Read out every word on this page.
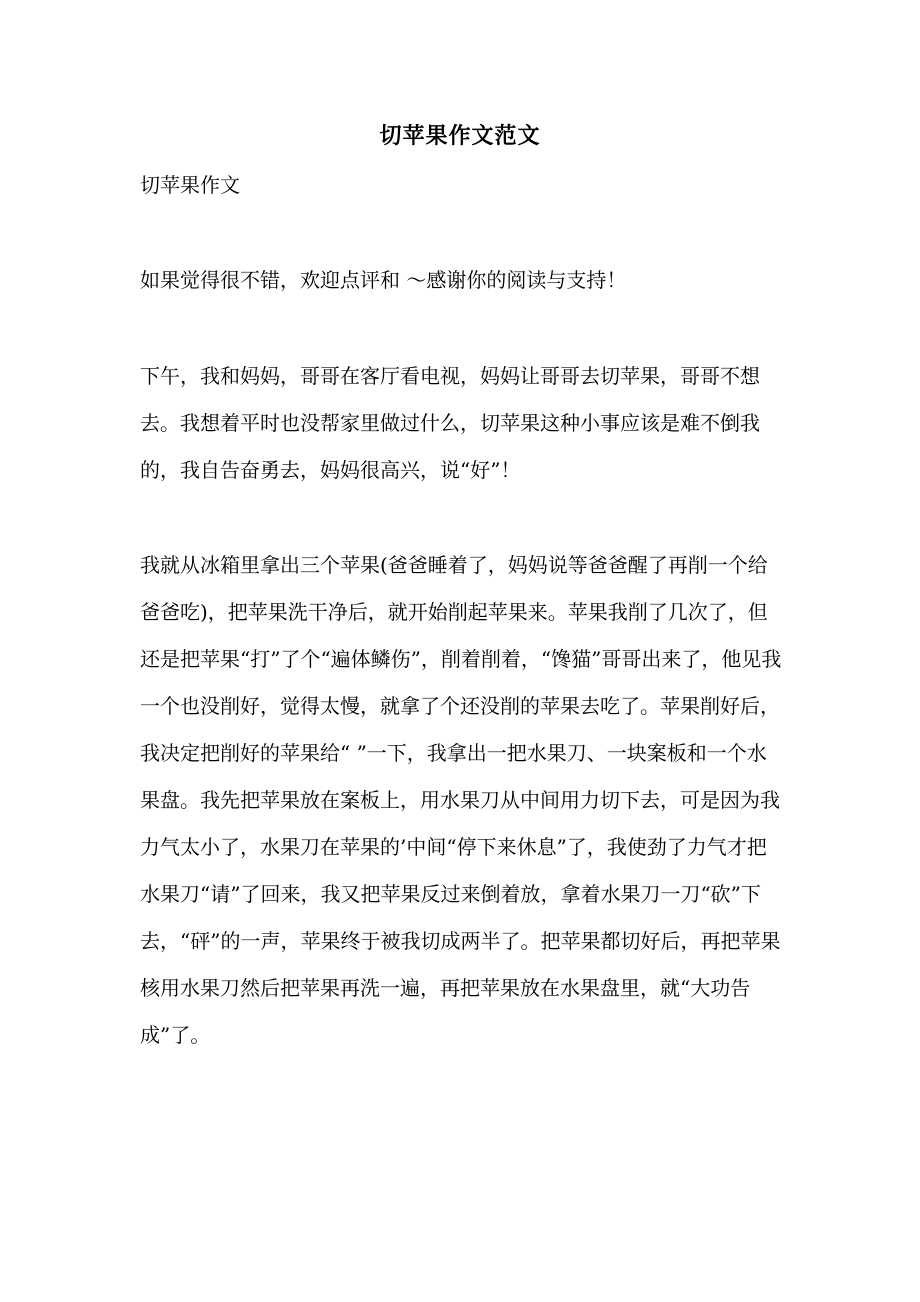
切苹果作文范文
切苹果作文
如果觉得很不错，欢迎点评和 ～感谢你的阅读与支持！
下午，我和妈妈，哥哥在客厅看电视，妈妈让哥哥去切苹果，哥哥不想去。我想着平时也没帮家里做过什么，切苹果这种小事应该是难不倒我的，我自告奋勇去，妈妈很高兴，说“好”！
我就从冰箱里拿出三个苹果(爸爸睡着了，妈妈说等爸爸醒了再削一个给爸爸吃)，把苹果洗干净后，就开始削起苹果来。苹果我削了几次了，但还是把苹果“打”了个“遍体鳞伤”，削着削着，“馋猫”哥哥出来了，他见我一个也没削好，觉得太慢，就拿了个还没削的苹果去吃了。苹果削好后，我决定把削好的苹果给“ ”一下，我拿出一把水果刀、一块案板和一个水果盘。我先把苹果放在案板上，用水果刀从中间用力切下去，可是因为我力气太小了，水果刀在苹果的’中间“停下来休息”了，我使劲了力气才把水果刀“请”了回来，我又把苹果反过来倒着放，拿着水果刀一刀“砍”下去，“砰”的一声，苹果终于被我切成两半了。把苹果都切好后，再把苹果核用水果刀然后把苹果再洗一遍，再把苹果放在水果盘里，就“大功告成”了。
